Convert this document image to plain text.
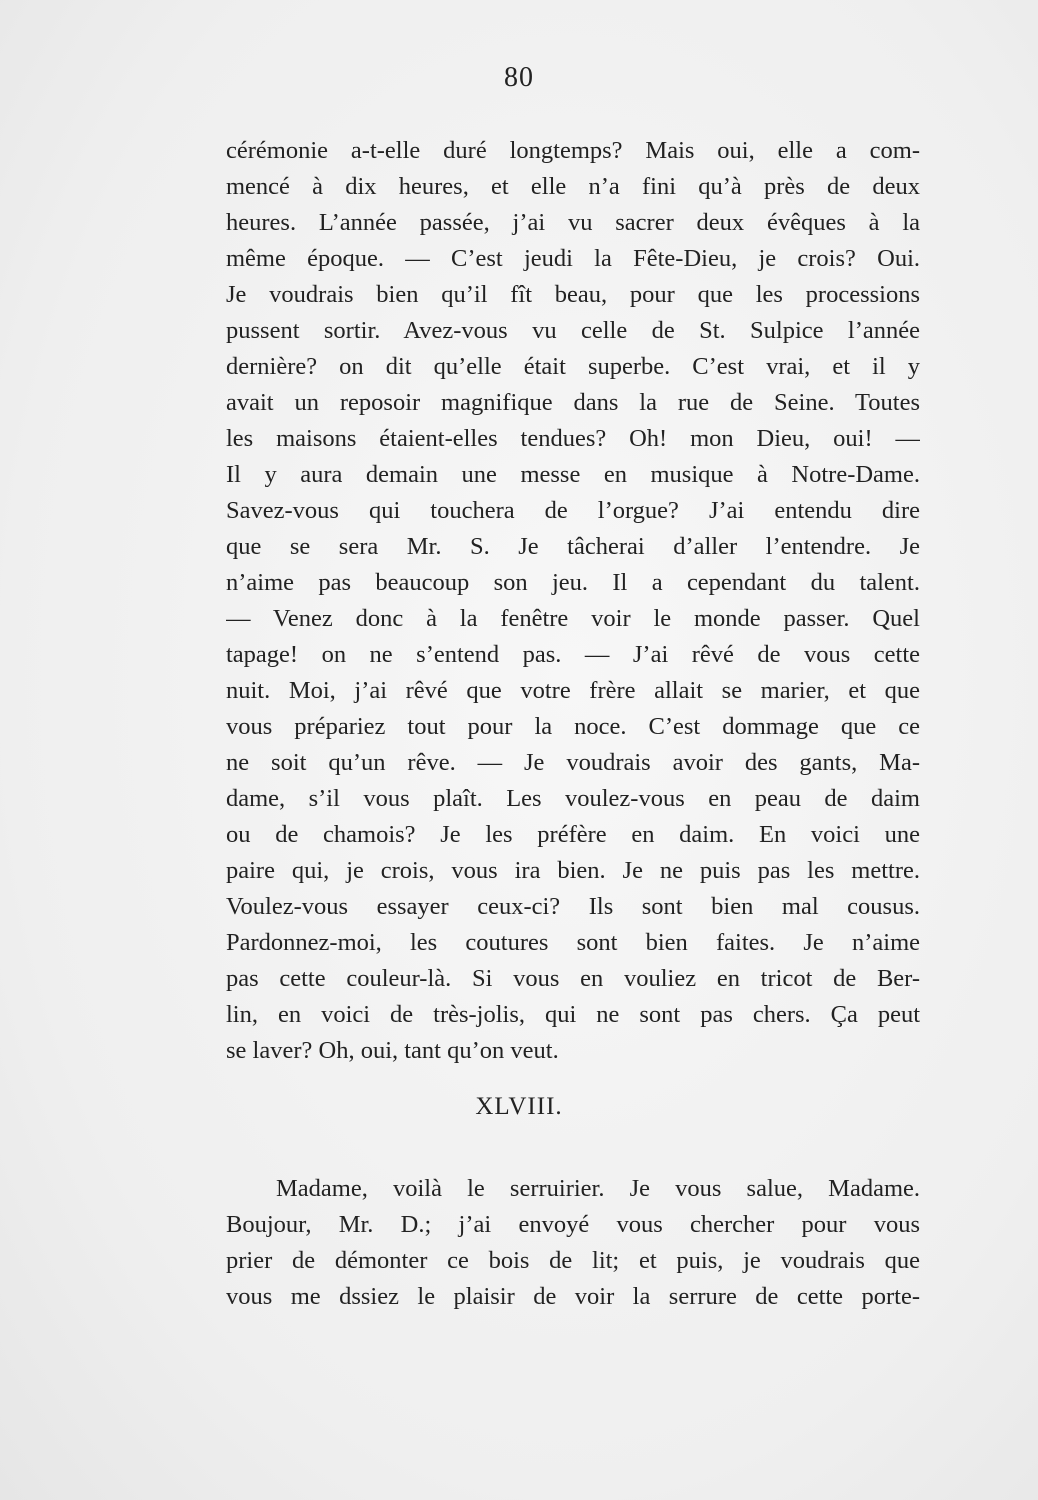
80
cérémonie a-t-elle duré longtemps? Mais oui, elle a com-
mencé à dix heures, et elle n’a fini qu’à près de deux
heures. L’année passée, j’ai vu sacrer deux évêques à la
même époque. — C’est jeudi la Fête-Dieu, je crois? Oui.
Je voudrais bien qu’il fît beau, pour que les processions
pussent sortir. Avez-vous vu celle de St. Sulpice l’année
dernière? on dit qu’elle était superbe. C’est vrai, et il y
avait un reposoir magnifique dans la rue de Seine. Toutes
les maisons étaient-elles tendues? Oh! mon Dieu, oui! —
Il y aura demain une messe en musique à Notre-Dame.
Savez-vous qui touchera de l’orgue? J’ai entendu dire
que se sera Mr. S. Je tâcherai d’aller l’entendre. Je
n’aime pas beaucoup son jeu. Il a cependant du talent.
— Venez donc à la fenêtre voir le monde passer. Quel
tapage! on ne s’entend pas. — J’ai rêvé de vous cette
nuit. Moi, j’ai rêvé que votre frère allait se marier, et que
vous prépariez tout pour la noce. C’est dommage que ce
ne soit qu’un rêve. — Je voudrais avoir des gants, Ma-
dame, s’il vous plaît. Les voulez-vous en peau de daim
ou de chamois? Je les préfère en daim. En voici une
paire qui, je crois, vous ira bien. Je ne puis pas les mettre.
Voulez-vous essayer ceux-ci? Ils sont bien mal cousus.
Pardonnez-moi, les coutures sont bien faites. Je n’aime
pas cette couleur-là. Si vous en vouliez en tricot de Ber-
lin, en voici de très-jolis, qui ne sont pas chers. Ça peut
se laver? Oh, oui, tant qu’on veut.
XLVIII.
Madame, voilà le serruirier. Je vous salue, Madame.
Boujour, Mr. D.; j’ai envoyé vous chercher pour vous
prier de démonter ce bois de lit; et puis, je voudrais que
vous me dssiez le plaisir de voir la serrure de cette porte-
